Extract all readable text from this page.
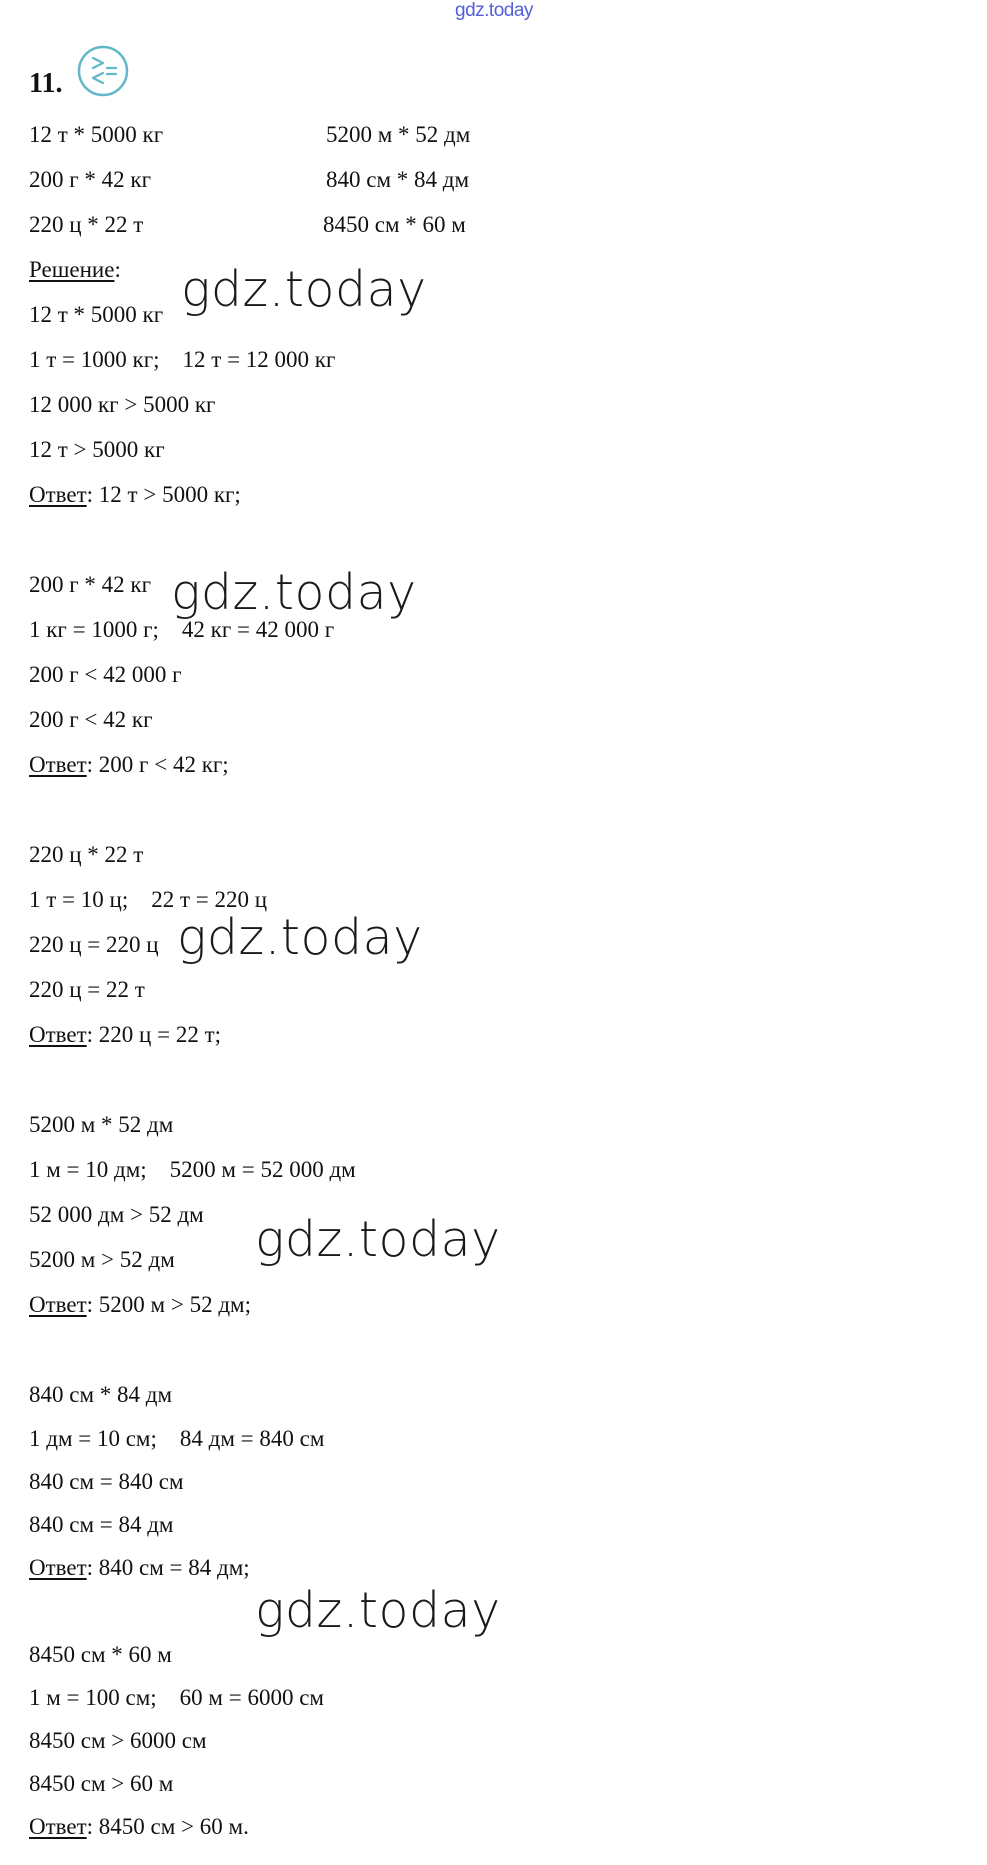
gdz.today
11.
12 т * 5000 кг
200 г * 42 кг
220 ц * 22 т
5200 м * 52 дм
840 см * 84 дм
8450 см * 60 м
Решение:
12 т * 5000 кг
1 т = 1000 кг;    12 т = 12 000 кг
12 000 кг > 5000 кг
12 т > 5000 кг
Ответ: 12 т > 5000 кг;
200 г * 42 кг
1 кг = 1000 г;    42 кг = 42 000 г
200 г < 42 000 г
200 г < 42 кг
Ответ: 200 г < 42 кг;
220 ц * 22 т
1 т = 10 ц;    22 т = 220 ц
220 ц = 220 ц
220 ц = 22 т
Ответ: 220 ц = 22 т;
5200 м * 52 дм
1 м = 10 дм;    5200 м = 52 000 дм
52 000 дм > 52 дм
5200 м > 52 дм
Ответ: 5200 м > 52 дм;
840 см * 84 дм
1 дм = 10 см;    84 дм = 840 см
840 см = 840 см
840 см = 84 дм
Ответ: 840 см = 84 дм;
8450 см * 60 м
1 м = 100 см;    60 м = 6000 см
8450 см > 6000 см
8450 см > 60 м
Ответ: 8450 см > 60 м.
gdz.today
gdz.today
gdz.today
gdz.today
gdz.today
